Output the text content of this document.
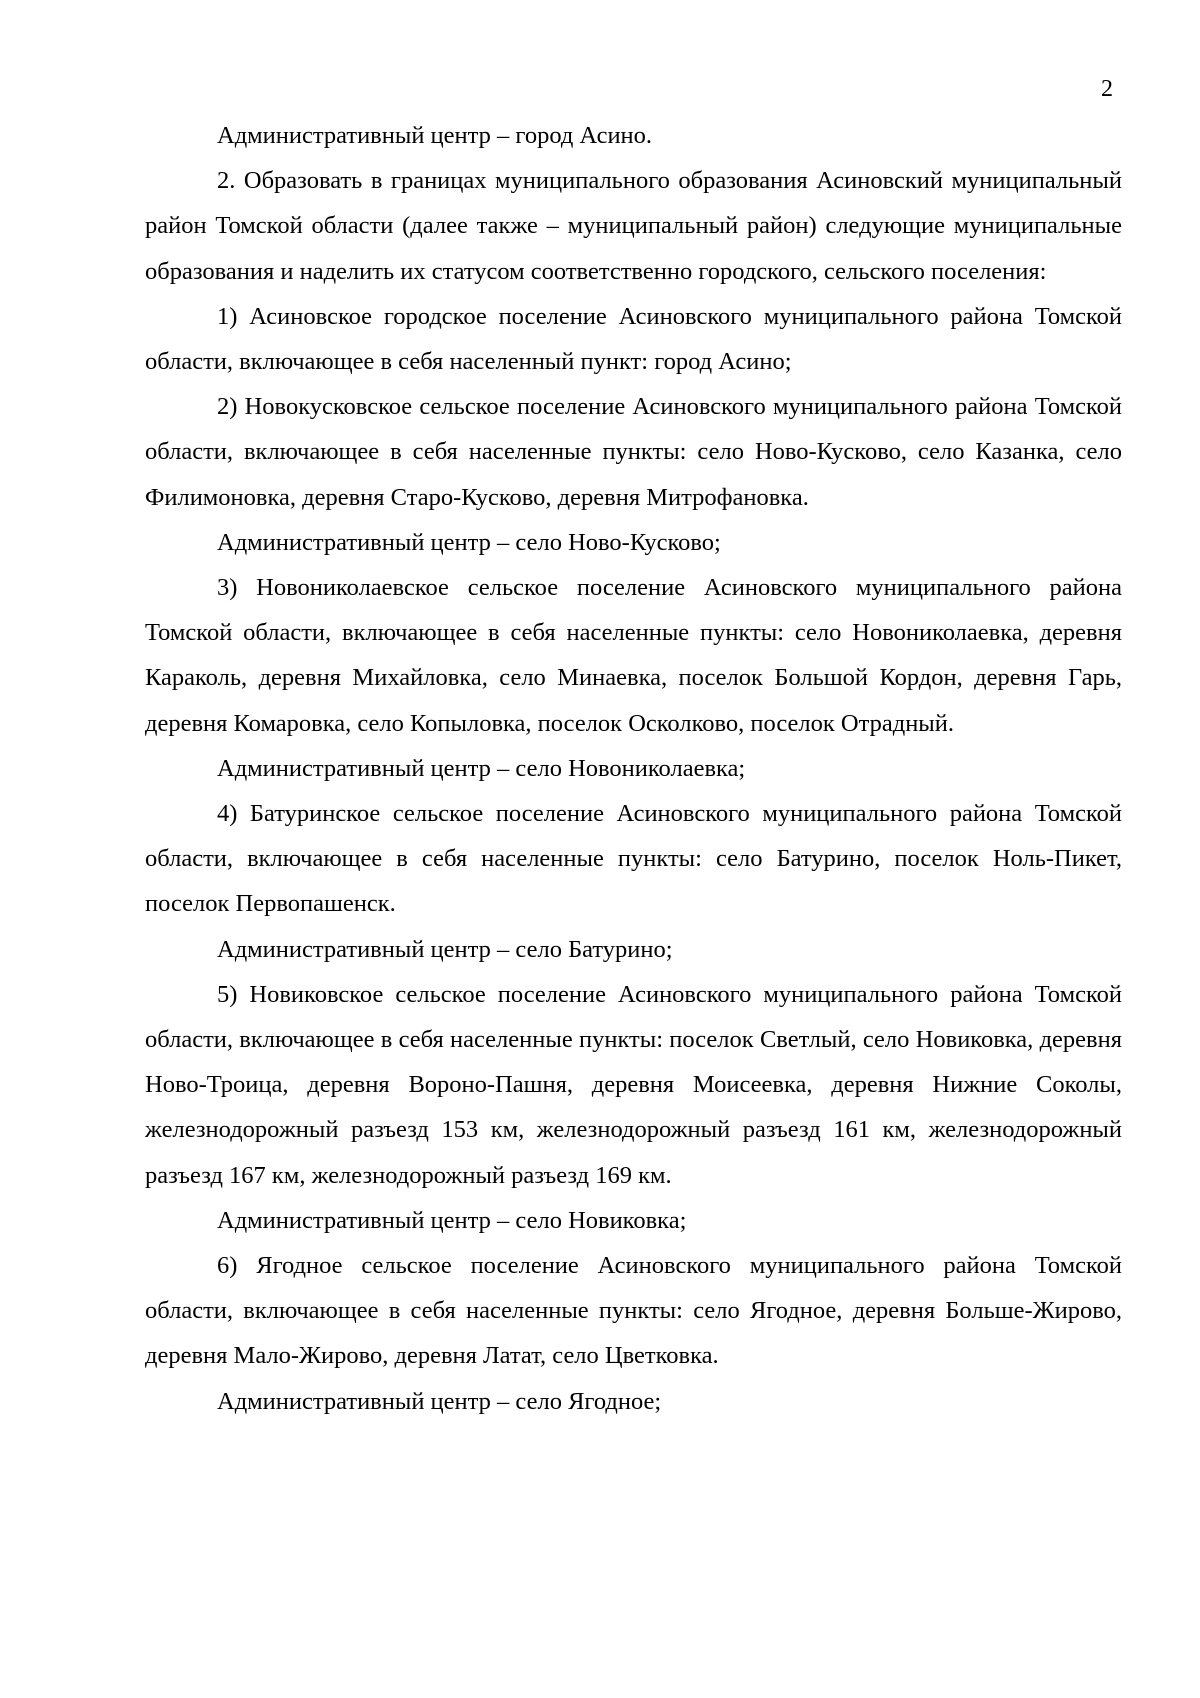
2

Административный центр – город Асино.

2. Образовать в границах муниципального образования Асиновский муниципальный район Томской области (далее также – муниципальный район) следующие муниципальные образования и наделить их статусом соответственно городского, сельского поселения:

1) Асиновское городское поселение Асиновского муниципального района Томской области, включающее в себя населенный пункт: город Асино;

2) Новокусковское сельское поселение Асиновского муниципального района Томской области, включающее в себя населенные пункты: село Ново-Кусково, село Казанка, село Филимоновка, деревня Старо-Кусково, деревня Митрофановка.

Административный центр – село Ново-Кусково;

3) Новониколаевское сельское поселение Асиновского муниципального района Томской области, включающее в себя населенные пункты: село Новониколаевка, деревня Караколь, деревня Михайловка, село Минаевка, поселок Большой Кордон, деревня Гарь, деревня Комаровка, село Копыловка, поселок Осколково, поселок Отрадный.

Административный центр – село Новониколаевка;

4) Батуринское сельское поселение Асиновского муниципального района Томской области, включающее в себя населенные пункты: село Батурино, поселок Ноль-Пикет, поселок Первопашенск.

Административный центр – село Батурино;

5) Новиковское сельское поселение Асиновского муниципального района Томской области, включающее в себя населенные пункты: поселок Светлый, село Новиковка, деревня Ново-Троица, деревня Вороно-Пашня, деревня Моисеевка, деревня Нижние Соколы, железнодорожный разъезд 153 км, железнодорожный разъезд 161 км, железнодорожный разъезд 167 км, железнодорожный разъезд 169 км.

Административный центр – село Новиковка;

6) Ягодное сельское поселение Асиновского муниципального района Томской области, включающее в себя населенные пункты: село Ягодное, деревня Больше-Жирово, деревня Мало-Жирово, деревня Латат, село Цветковка.

Административный центр – село Ягодное;
